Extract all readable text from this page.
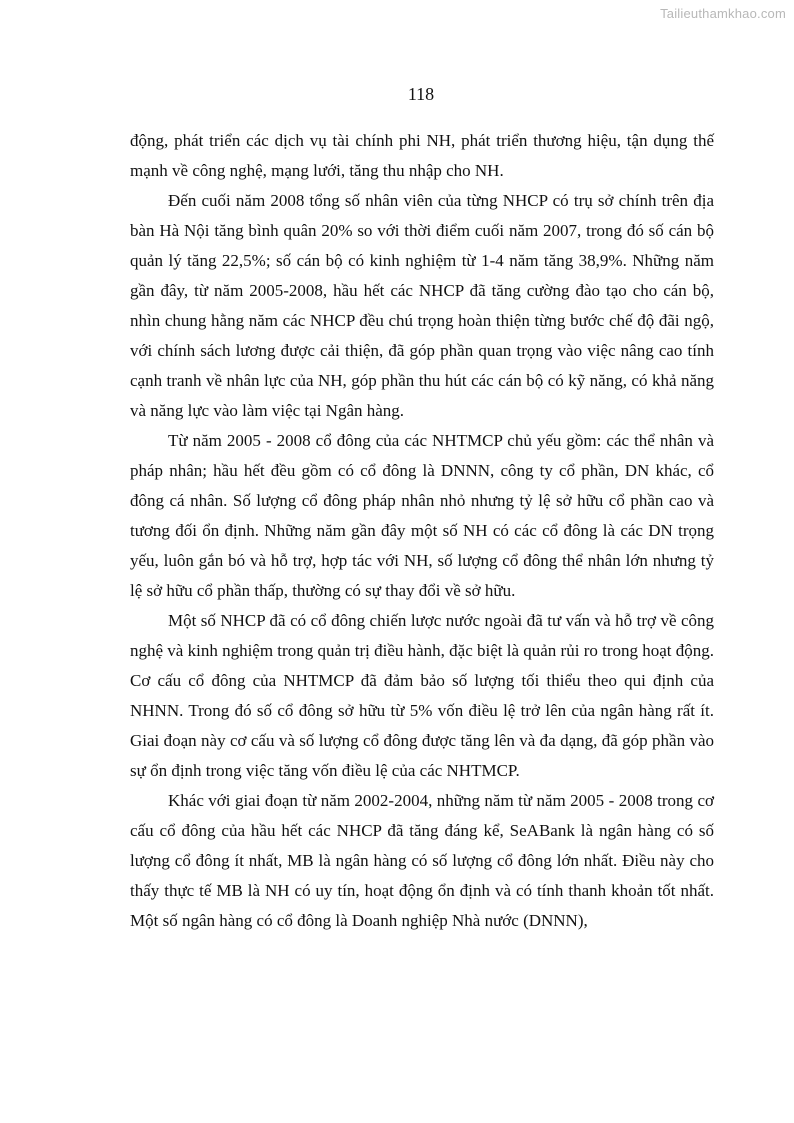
Tailieuthamkhao.com
118

động, phát triển các dịch vụ tài chính phi NH, phát triển thương hiệu, tận dụng thế mạnh về công nghệ, mạng lưới, tăng thu nhập cho NH.

Đến cuối năm 2008 tổng số nhân viên của từng NHCP có trụ sở chính trên địa bàn Hà Nội tăng bình quân 20% so với thời điểm cuối năm 2007, trong đó số cán bộ quản lý tăng 22,5%; số cán bộ có kinh nghiệm từ 1-4 năm tăng 38,9%. Những năm gần đây, từ năm 2005-2008, hầu hết các NHCP đã tăng cường đào tạo cho cán bộ, nhìn chung hằng năm các NHCP đều chú trọng hoàn thiện từng bước chế độ đãi ngộ, với chính sách lương được cải thiện, đã góp phần quan trọng vào việc nâng cao tính cạnh tranh về nhân lực của NH, góp phần thu hút các cán bộ có kỹ năng, có khả năng và năng lực vào làm việc tại Ngân hàng.

Từ năm 2005 - 2008 cổ đông của các NHTMCP chủ yếu gồm: các thể nhân và pháp nhân; hầu hết đều gồm có cổ đông là DNNN, công ty cổ phần, DN khác, cổ đông cá nhân. Số lượng cổ đông pháp nhân nhỏ nhưng tỷ lệ sở hữu cổ phần cao và tương đối ổn định. Những năm gần đây một số NH có các cổ đông là các DN trọng yếu, luôn gắn bó và hỗ trợ, hợp tác với NH, số lượng cổ đông thể nhân lớn nhưng tỷ lệ sở hữu cổ phần thấp, thường có sự thay đổi về sở hữu.

Một số NHCP đã có cổ đông chiến lược nước ngoài đã tư vấn và hỗ trợ về công nghệ và kinh nghiệm trong quản trị điều hành, đặc biệt là quản rủi ro trong hoạt động. Cơ cấu cổ đông của NHTMCP đã đảm bảo số lượng tối thiểu theo qui định của NHNN. Trong đó số cổ đông sở hữu từ 5% vốn điều lệ trở lên của ngân hàng rất ít. Giai đoạn này cơ cấu và số lượng cổ đông được tăng lên và đa dạng, đã góp phần vào sự ổn định trong việc tăng vốn điều lệ của các NHTMCP.

Khác với giai đoạn từ năm 2002-2004, những năm từ năm 2005 - 2008 trong cơ cấu cổ đông của hầu hết các NHCP đã tăng đáng kể, SeABank là ngân hàng có số lượng cổ đông ít nhất, MB là ngân hàng có số lượng cổ đông lớn nhất. Điều này cho thấy thực tế MB là NH có uy tín, hoạt động ổn định và có tính thanh khoản tốt nhất. Một số ngân hàng có cổ đông là Doanh nghiệp Nhà nước (DNNN),
